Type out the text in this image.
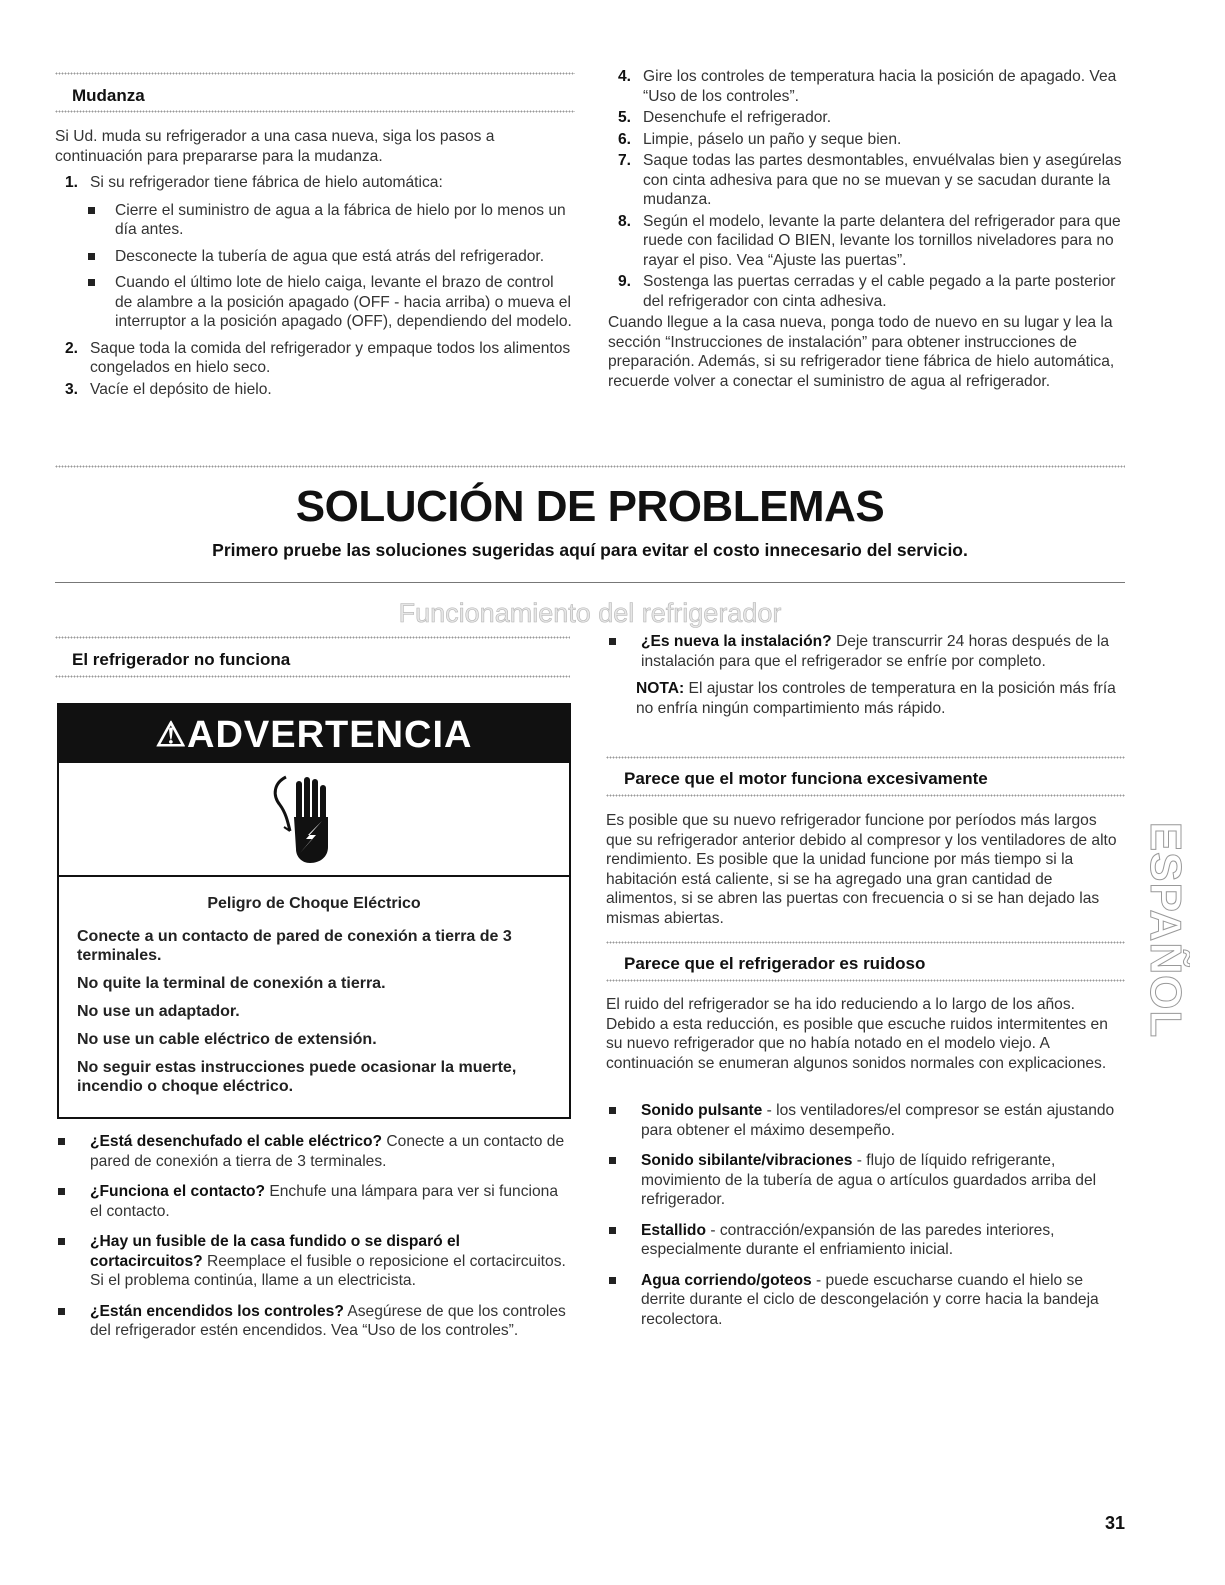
Mudanza
Si Ud. muda su refrigerador a una casa nueva, siga los pasos a continuación para prepararse para la mudanza.
1. Si su refrigerador tiene fábrica de hielo automática:
Cierre el suministro de agua a la fábrica de hielo por lo menos un día antes.
Desconecte la tubería de agua que está atrás del refrigerador.
Cuando el último lote de hielo caiga, levante el brazo de control de alambre a la posición apagado (OFF - hacia arriba) o mueva el interruptor a la posición apagado (OFF), dependiendo del modelo.
2. Saque toda la comida del refrigerador y empaque todos los alimentos congelados en hielo seco.
3. Vacíe el depósito de hielo.
4. Gire los controles de temperatura hacia la posición de apagado. Vea “Uso de los controles”.
5. Desenchufe el refrigerador.
6. Limpie, páselo un paño y seque bien.
7. Saque todas las partes desmontables, envuélvalas bien y asegúrelas con cinta adhesiva para que no se muevan y se sacudan durante la mudanza.
8. Según el modelo, levante la parte delantera del refrigerador para que ruede con facilidad O BIEN, levante los tornillos niveladores para no rayar el piso. Vea “Ajuste las puertas”.
9. Sostenga las puertas cerradas y el cable pegado a la parte posterior del refrigerador con cinta adhesiva.
Cuando llegue a la casa nueva, ponga todo de nuevo en su lugar y lea la sección “Instrucciones de instalación” para obtener instrucciones de preparación. Además, si su refrigerador tiene fábrica de hielo automática, recuerde volver a conectar el suministro de agua al refrigerador.
SOLUCIÓN DE PROBLEMAS
Primero pruebe las soluciones sugeridas aquí para evitar el costo innecesario del servicio.
Funcionamiento del refrigerador
El refrigerador no funciona
⚠ADVERTENCIA

Peligro de Choque Eléctrico

Conecte a un contacto de pared de conexión a tierra de 3 terminales.

No quite la terminal de conexión a tierra.

No use un adaptador.

No use un cable eléctrico de extensión.

No seguir estas instrucciones puede ocasionar la muerte, incendio o choque eléctrico.

¿Está desenchufado el cable eléctrico? Conecte a un contacto de pared de conexión a tierra de 3 terminales.
¿Funciona el contacto? Enchufe una lámpara para ver si funciona el contacto.
¿Hay un fusible de la casa fundido o se disparó el cortacircuitos? Reemplace el fusible o reposicione el cortacircuitos. Si el problema continúa, llame a un electricista.
¿Están encendidos los controles? Asegúrese de que los controles del refrigerador estén encendidos. Vea “Uso de los controles”.
¿Es nueva la instalación? Deje transcurrir 24 horas después de la instalación para que el refrigerador se enfríe por completo.
NOTA: El ajustar los controles de temperatura en la posición más fría no enfría ningún compartimiento más rápido.
Parece que el motor funciona excesivamente
Es posible que su nuevo refrigerador funcione por períodos más largos que su refrigerador anterior debido al compresor y los ventiladores de alto rendimiento. Es posible que la unidad funcione por más tiempo si la habitación está caliente, si se ha agregado una gran cantidad de alimentos, si se abren las puertas con frecuencia o si se han dejado las mismas abiertas.
Parece que el refrigerador es ruidoso
El ruido del refrigerador se ha ido reduciendo a lo largo de los años. Debido a esta reducción, es posible que escuche ruidos intermitentes en su nuevo refrigerador que no había notado en el modelo viejo. A continuación se enumeran algunos sonidos normales con explicaciones.
Sonido pulsante - los ventiladores/el compresor se están ajustando para obtener el máximo desempeño.
Sonido sibilante/vibraciones - flujo de líquido refrigerante, movimiento de la tubería de agua o artículos guardados arriba del refrigerador.
Estallido - contracción/expansión de las paredes interiores, especialmente durante el enfriamiento inicial.
Agua corriendo/goteos - puede escucharse cuando el hielo se derrite durante el ciclo de descongelación y corre hacia la bandeja recolectora.
ESPAÑOL
31
